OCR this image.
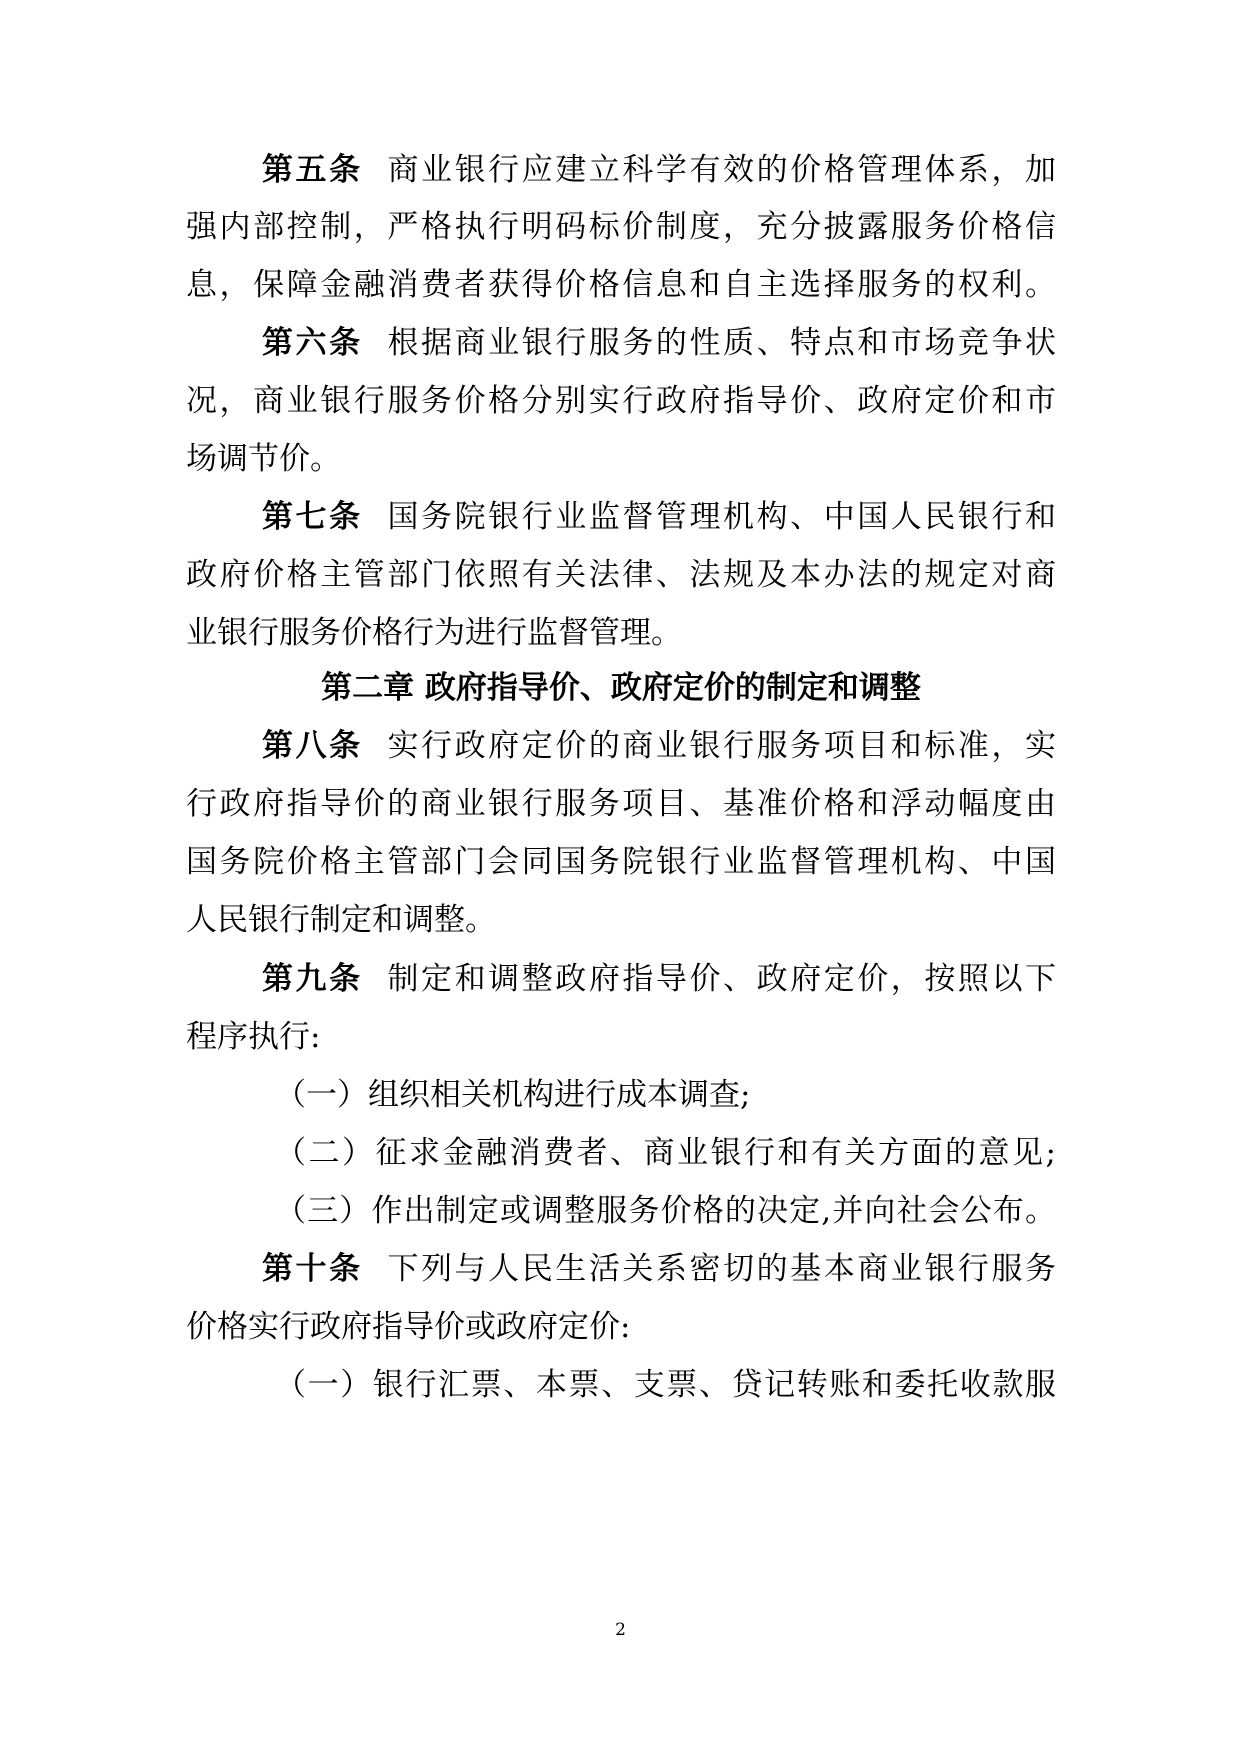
第五条 商业银行应建立科学有效的价格管理体系，加
强内部控制，严格执行明码标价制度，充分披露服务价格信
息，保障金融消费者获得价格信息和自主选择服务的权利。
第六条 根据商业银行服务的性质、特点和市场竞争状
况，商业银行服务价格分别实行政府指导价、政府定价和市
场调节价。
第七条 国务院银行业监督管理机构、中国人民银行和
政府价格主管部门依照有关法律、法规及本办法的规定对商
业银行服务价格行为进行监督管理。
第二章 政府指导价、政府定价的制定和调整
第八条 实行政府定价的商业银行服务项目和标准，实
行政府指导价的商业银行服务项目、基准价格和浮动幅度由
国务院价格主管部门会同国务院银行业监督管理机构、中国
人民银行制定和调整。
第九条 制定和调整政府指导价、政府定价，按照以下
程序执行:
（一）组织相关机构进行成本调查;
（二）征求金融消费者、商业银行和有关方面的意见;
（三）作出制定或调整服务价格的决定,并向社会公布。
第十条 下列与人民生活关系密切的基本商业银行服务
价格实行政府指导价或政府定价:
（一）银行汇票、本票、支票、贷记转账和委托收款服
2
